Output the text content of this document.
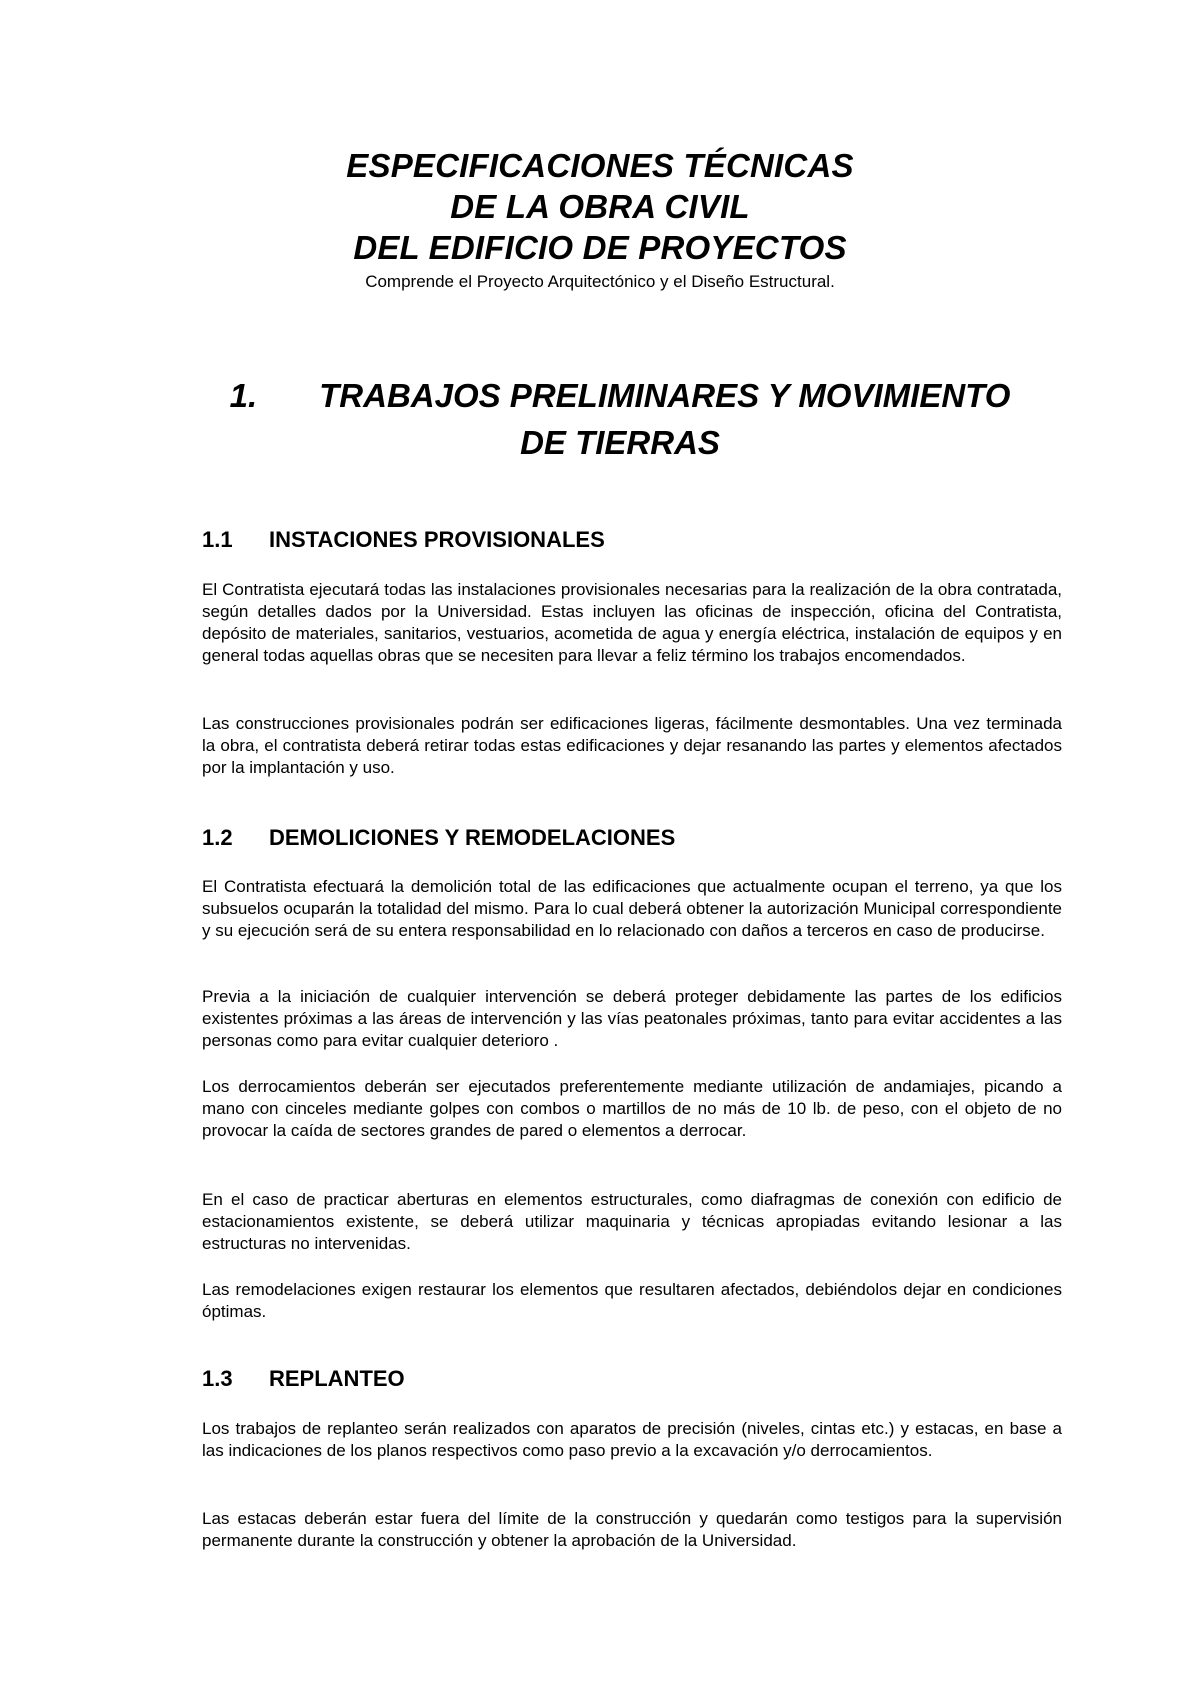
ESPECIFICACIONES TÉCNICAS

DE LA OBRA CIVIL

DEL EDIFICIO DE PROYECTOS

Comprende el Proyecto Arquitectónico y el Diseño Estructural.

1. TRABAJOS PRELIMINARES Y MOVIMIENTO
DE TIERRAS
1.1	INSTACIONES PROVISIONALES

El Contratista ejecutará todas las instalaciones provisionales necesarias para la realización de la obra contratada, según detalles dados por la Universidad. Estas incluyen las oficinas de inspección, oficina del Contratista, depósito de materiales, sanitarios, vestuarios, acometida de agua y energía eléctrica, instalación de equipos y en general todas aquellas obras que se necesiten para llevar a feliz término los trabajos encomendados.

Las construcciones provisionales podrán ser edificaciones ligeras, fácilmente desmontables. Una vez terminada la obra, el contratista deberá retirar todas estas edificaciones y dejar resanando las partes y elementos afectados por la implantación y uso.

1.2	DEMOLICIONES Y REMODELACIONES

El Contratista efectuará la demolición total de las edificaciones que actualmente ocupan el terreno, ya que los subsuelos ocuparán la totalidad del mismo. Para lo cual deberá obtener la autorización Municipal correspondiente y su ejecución será de su entera responsabilidad en lo relacionado con daños a terceros en caso de producirse.

Previa a la iniciación de cualquier intervención se deberá proteger debidamente las partes de los edificios existentes próximas a las áreas de intervención y las vías peatonales próximas, tanto para evitar accidentes a las personas como para evitar cualquier deterioro .

Los derrocamientos deberán ser ejecutados preferentemente mediante utilización de andamiajes, picando a mano con cinceles mediante golpes con combos o martillos de no más de 10 lb. de peso, con el objeto de no provocar la caída de sectores grandes de pared o elementos a derrocar.

En el caso de practicar aberturas en elementos estructurales, como diafragmas de conexión con edificio de estacionamientos existente, se deberá utilizar maquinaria y técnicas apropiadas evitando lesionar a las estructuras no intervenidas.

Las remodelaciones exigen restaurar los elementos que resultaren afectados, debiéndolos dejar en condiciones óptimas.

1.3	REPLANTEO

Los trabajos de replanteo serán realizados con aparatos de precisión (niveles, cintas etc.) y estacas, en base a las indicaciones de los planos respectivos como paso previo a la excavación y/o derrocamientos.

Las estacas deberán estar fuera del límite de la construcción y quedarán como testigos para la supervisión permanente durante la construcción y obtener la aprobación de la Universidad.
